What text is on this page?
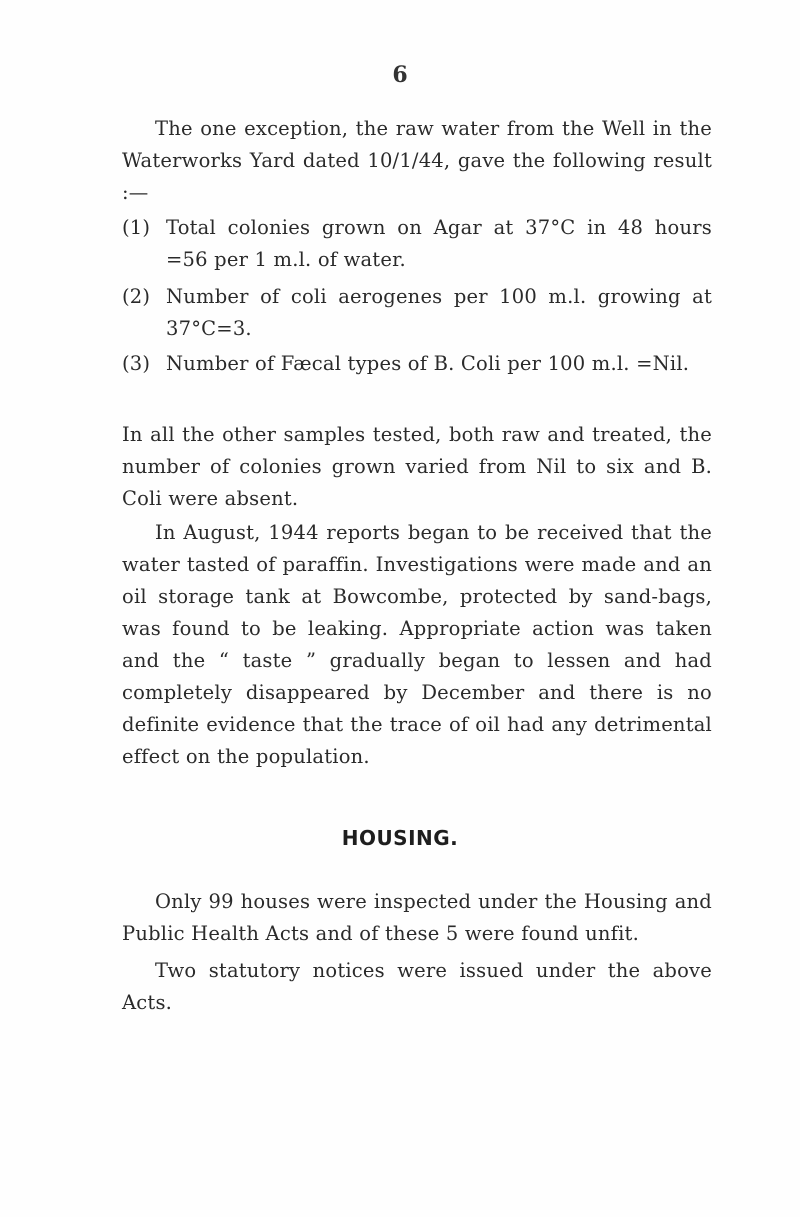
6

The one exception, the raw water from the Well in the Waterworks Yard dated 10/1/44, gave the following result :—

(1) Total colonies grown on Agar at 37°C in 48 hours =56 per 1 m.l. of water.
(2) Number of coli aerogenes per 100 m.l. growing at 37°C=3.
(3) Number of Fæcal types of B. Coli per 100 m.l. =Nil.

In all the other samples tested, both raw and treated, the number of colonies grown varied from Nil to six and B. Coli were absent.

In August, 1944 reports began to be received that the water tasted of paraffin. Investigations were made and an oil storage tank at Bowcombe, protected by sand-bags, was found to be leaking. Appropriate action was taken and the “ taste ” gradually began to lessen and had completely disappeared by December and there is no definite evidence that the trace of oil had any detrimental effect on the population.

HOUSING.

Only 99 houses were inspected under the Housing and Public Health Acts and of these 5 were found unfit.

Two statutory notices were issued under the above Acts.
